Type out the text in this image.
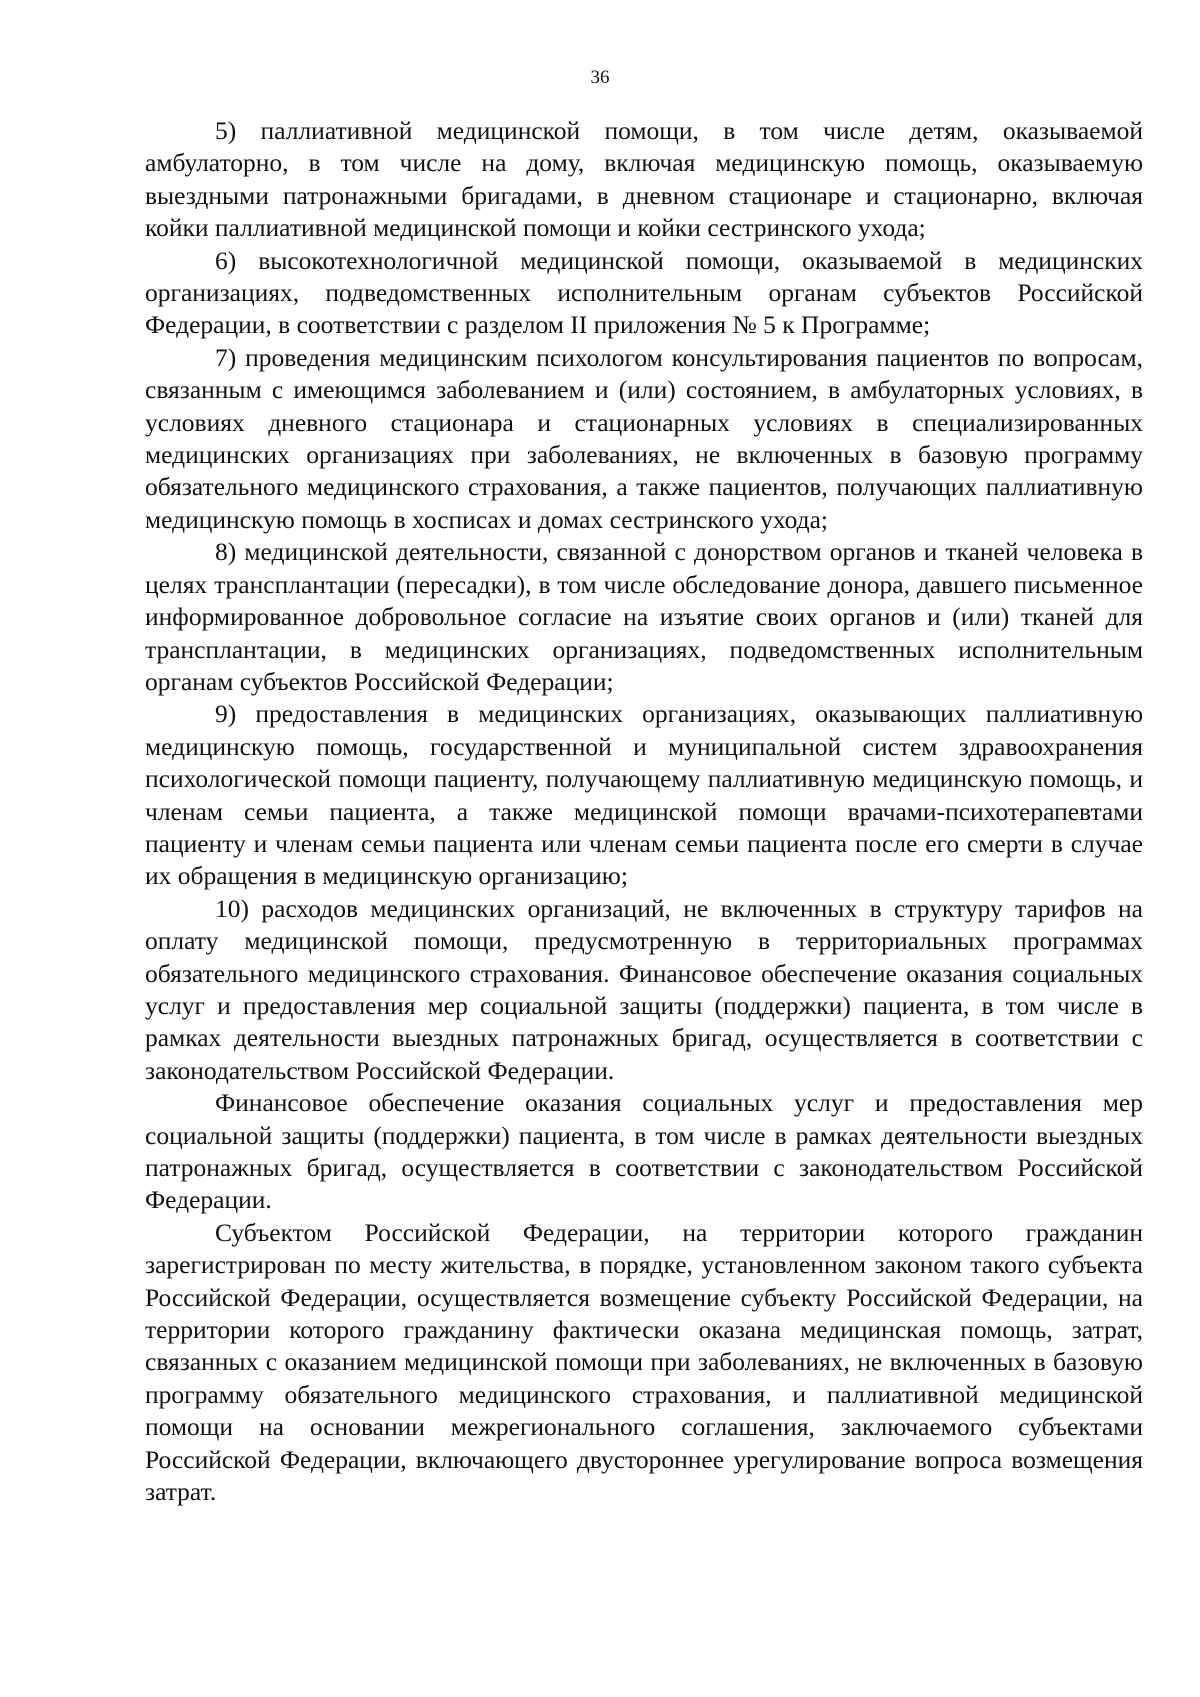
36

5) паллиативной медицинской помощи, в том числе детям, оказываемой амбулаторно, в том числе на дому, включая медицинскую помощь, оказываемую выездными патронажными бригадами, в дневном стационаре и стационарно, включая койки паллиативной медицинской помощи и койки сестринского ухода;

6) высокотехнологичной медицинской помощи, оказываемой в медицинских организациях, подведомственных исполнительным органам субъектов Российской Федерации, в соответствии с разделом II приложения № 5 к Программе;

7) проведения медицинским психологом консультирования пациентов по вопросам, связанным с имеющимся заболеванием и (или) состоянием, в амбулаторных условиях, в условиях дневного стационара и стационарных условиях в специализированных медицинских организациях при заболеваниях, не включенных в базовую программу обязательного медицинского страхования, а также пациентов, получающих паллиативную медицинскую помощь в хосписах и домах сестринского ухода;

8) медицинской деятельности, связанной с донорством органов и тканей человека в целях трансплантации (пересадки), в том числе обследование донора, давшего письменное информированное добровольное согласие на изъятие своих органов и (или) тканей для трансплантации, в медицинских организациях, подведомственных исполнительным органам субъектов Российской Федерации;

9) предоставления в медицинских организациях, оказывающих паллиативную медицинскую помощь, государственной и муниципальной систем здравоохранения психологической помощи пациенту, получающему паллиативную медицинскую помощь, и членам семьи пациента, а также медицинской помощи врачами-психотерапевтами пациенту и членам семьи пациента или членам семьи пациента после его смерти в случае их обращения в медицинскую организацию;

10) расходов медицинских организаций, не включенных в структуру тарифов на оплату медицинской помощи, предусмотренную в территориальных программах обязательного медицинского страхования. Финансовое обеспечение оказания социальных услуг и предоставления мер социальной защиты (поддержки) пациента, в том числе в рамках деятельности выездных патронажных бригад, осуществляется в соответствии с законодательством Российской Федерации.

Финансовое обеспечение оказания социальных услуг и предоставления мер социальной защиты (поддержки) пациента, в том числе в рамках деятельности выездных патронажных бригад, осуществляется в соответствии с законодательством Российской Федерации.

Субъектом Российской Федерации, на территории которого гражданин зарегистрирован по месту жительства, в порядке, установленном законом такого субъекта Российской Федерации, осуществляется возмещение субъекту Российской Федерации, на территории которого гражданину фактически оказана медицинская помощь, затрат, связанных с оказанием медицинской помощи при заболеваниях, не включенных в базовую программу обязательного медицинского страхования, и паллиативной медицинской помощи на основании межрегионального соглашения, заключаемого субъектами Российской Федерации, включающего двустороннее урегулирование вопроса возмещения затрат.
